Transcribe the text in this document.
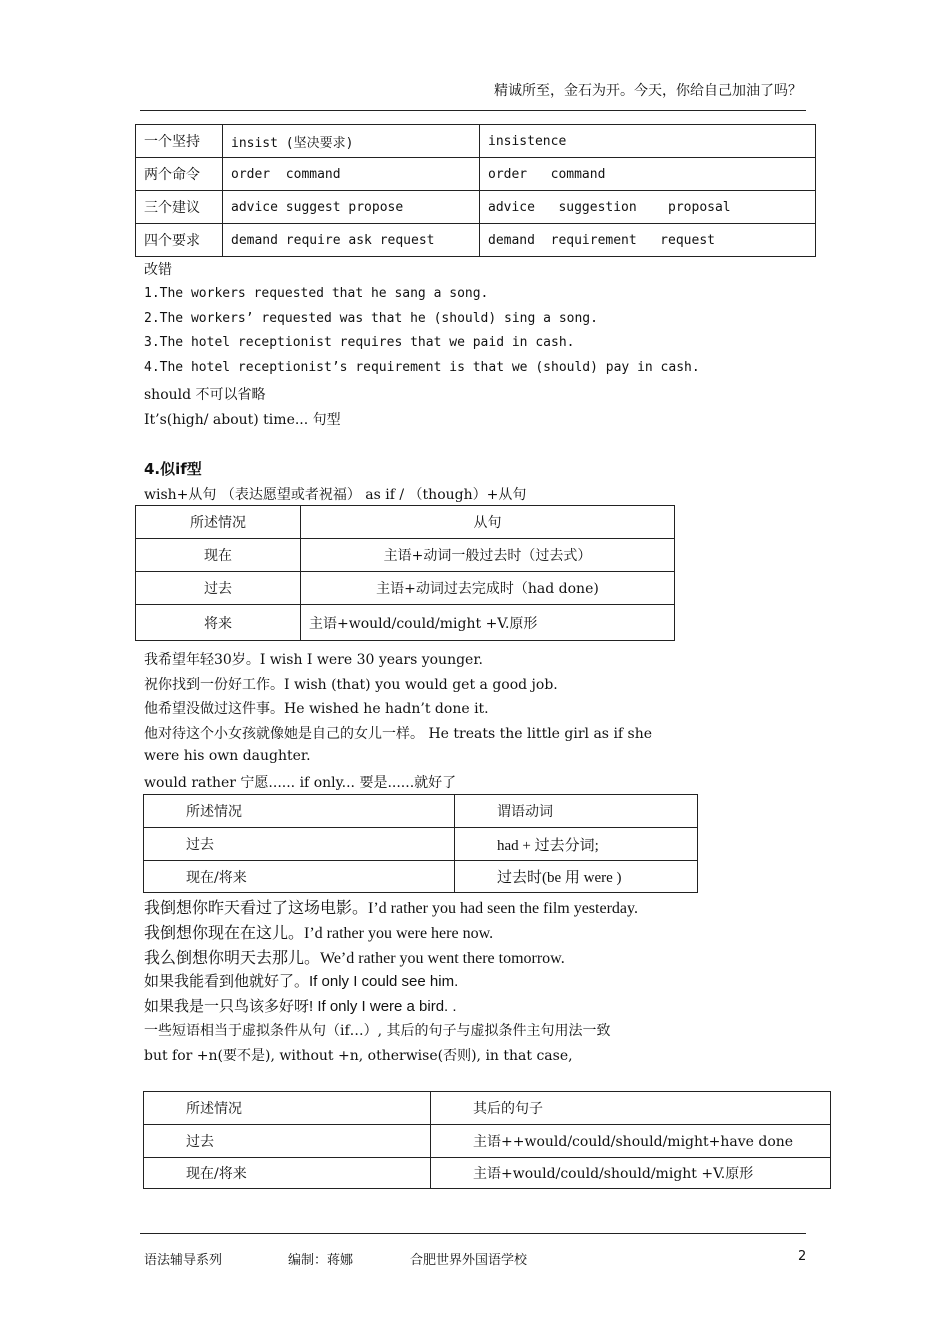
精诚所至，金石为开。今天，你给自己加油了吗？
一个坚持	insist (坚决要求)	insistence
两个命令	order  command	order   command
三个建议	advice suggest propose	advice   suggestion    proposal
四个要求	demand require ask request	demand  requirement   request
改错
1.The workers requested that he sang a song.
2.The workers’ requested was that he (should) sing a song.
3.The hotel receptionist requires that we paid in cash.
4.The hotel receptionist’s requirement is that we (should) pay in cash.
should 不可以省略
It’s(high/ about) time... 句型
4.似if型
wish+从句 （表达愿望或者祝福） as if / （though）+从句
所述情况	从句
现在	主语+动词一般过去时（过去式）
过去	主语+动词过去完成时（had done)
将来	主语+would/could/might +V.原形
我希望年轻30岁。I wish I were 30 years younger.
祝你找到一份好工作。I wish (that) you would get a good job.
他希望没做过这件事。He wished he hadn’t done it.
他对待这个小女孩就像她是自己的女儿一样。 He treats the little girl as if she
were his own daughter.
would rather 宁愿...... if only... 要是......就好了
所述情况	谓语动词
过去	had + 过去分词;
现在/将来	过去时(be 用 were )
我倒想你昨天看过了这场电影。I’d rather you had seen the film yesterday.
我倒想你现在在这儿。I’d rather you were here now.
我么倒想你明天去那儿。We’d rather you went there tomorrow.
如果我能看到他就好了。If only I could see him.
如果我是一只鸟该多好呀! If only I were a bird. .
一些短语相当于虚拟条件从句（if…）, 其后的句子与虚拟条件主句用法一致
but for +n(要不是), without +n, otherwise(否则), in that case,
所述情况	其后的句子
过去	主语++would/could/should/might+have done
现在/将来	主语+would/could/should/might +V.原形
语法辅导系列	编制：蒋娜	合肥世界外国语学校	2
